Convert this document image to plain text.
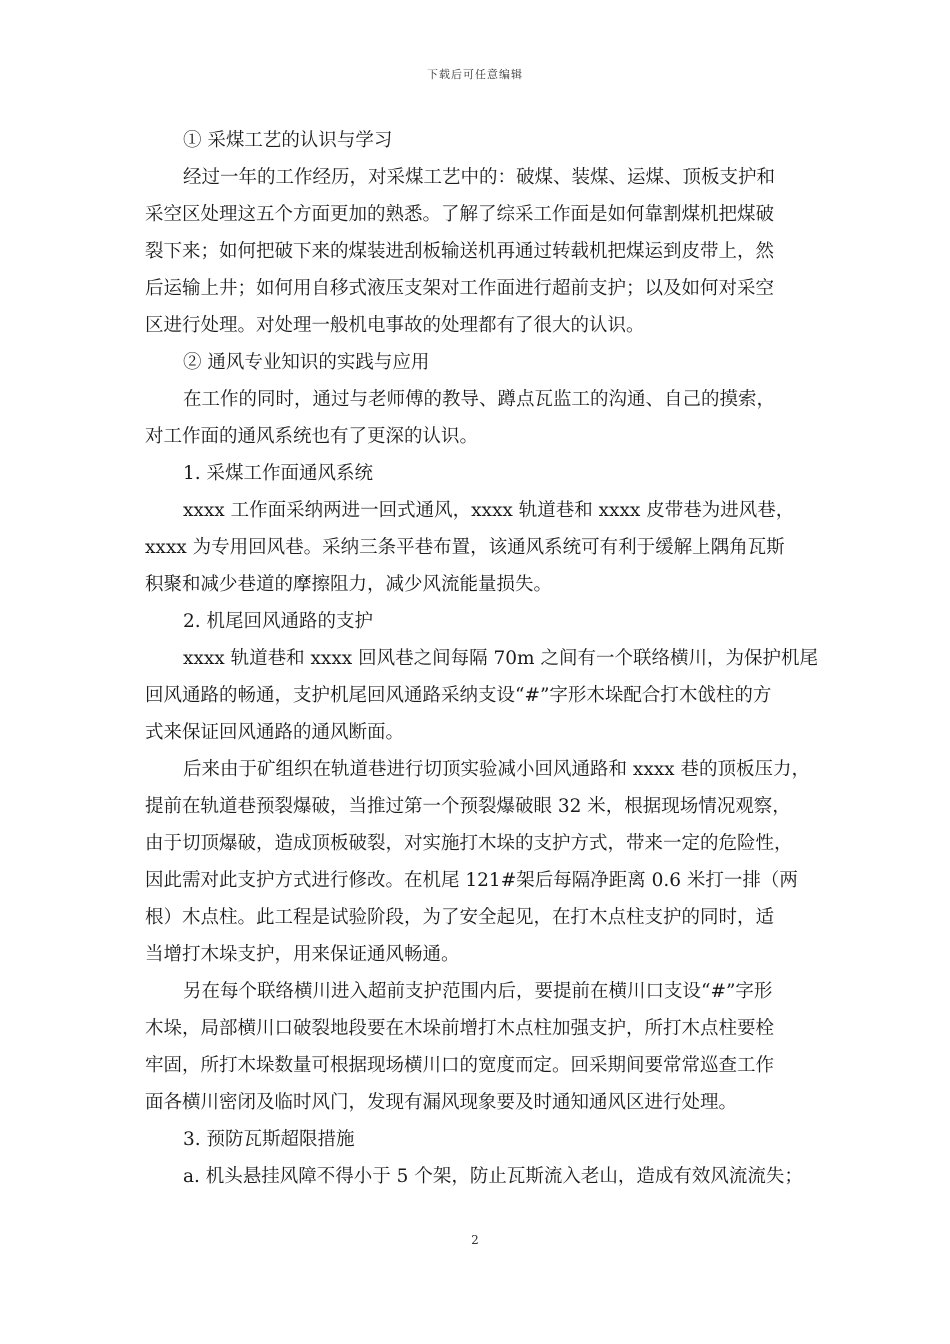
下载后可任意编辑
① 采煤工艺的认识与学习
经过一年的工作经历，对采煤工艺中的：破煤、装煤、运煤、顶板支护和
采空区处理这五个方面更加的熟悉。了解了综采工作面是如何靠割煤机把煤破
裂下来；如何把破下来的煤装进刮板输送机再通过转载机把煤运到皮带上，然
后运输上井；如何用自移式液压支架对工作面进行超前支护；以及如何对采空
区进行处理。对处理一般机电事故的处理都有了很大的认识。
② 通风专业知识的实践与应用
在工作的同时，通过与老师傅的教导、蹲点瓦监工的沟通、自己的摸索，
对工作面的通风系统也有了更深的认识。
1. 采煤工作面通风系统
xxxx 工作面采纳两进一回式通风，xxxx 轨道巷和 xxxx 皮带巷为进风巷，
xxxx 为专用回风巷。采纳三条平巷布置，该通风系统可有利于缓解上隅角瓦斯
积聚和减少巷道的摩擦阻力，减少风流能量损失。
2. 机尾回风通路的支护
xxxx 轨道巷和 xxxx 回风巷之间每隔 70m 之间有一个联络横川，为保护机尾
回风通路的畅通，支护机尾回风通路采纳支设“#”字形木垛配合打木戗柱的方
式来保证回风通路的通风断面。
后来由于矿组织在轨道巷进行切顶实验减小回风通路和 xxxx 巷的顶板压力，
提前在轨道巷预裂爆破，当推过第一个预裂爆破眼 32 米，根据现场情况观察，
由于切顶爆破，造成顶板破裂，对实施打木垛的支护方式，带来一定的危险性，
因此需对此支护方式进行修改。在机尾 121#架后每隔净距离 0.6 米打一排（两
根）木点柱。此工程是试验阶段，为了安全起见，在打木点柱支护的同时，适
当增打木垛支护，用来保证通风畅通。
另在每个联络横川进入超前支护范围内后，要提前在横川口支设“#”字形
木垛，局部横川口破裂地段要在木垛前增打木点柱加强支护，所打木点柱要栓
牢固，所打木垛数量可根据现场横川口的宽度而定。回采期间要常常巡查工作
面各横川密闭及临时风门，发现有漏风现象要及时通知通风区进行处理。
3. 预防瓦斯超限措施
a. 机头悬挂风障不得小于 5 个架，防止瓦斯流入老山，造成有效风流流失；
2
